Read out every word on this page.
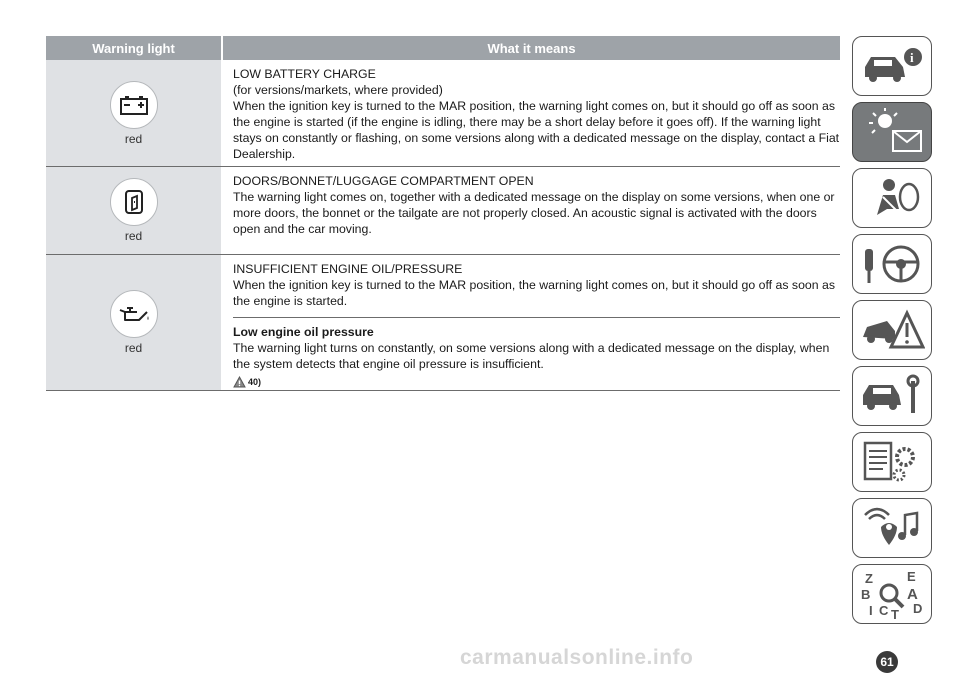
Warning light	What it means
red
LOW BATTERY CHARGE
(for versions/markets, where provided)
When the ignition key is turned to the MAR position, the warning light comes on, but it should go off as soon as the engine is started (if the engine is idling, there may be a short delay before it goes off). If the warning light stays on constantly or flashing, on some versions along with a dedicated message on the display, contact a Fiat Dealership.
red
DOORS/BONNET/LUGGAGE COMPARTMENT OPEN
The warning light comes on, together with a dedicated message on the display on some versions, when one or more doors, the bonnet or the tailgate are not properly closed. An acoustic signal is activated with the doors open and the car moving.
red
INSUFFICIENT ENGINE OIL/PRESSURE
When the ignition key is turned to the MAR position, the warning light comes on, but it should go off as soon as the engine is started.
Low engine oil pressure
The warning light turns on constantly, on some versions along with a dedicated message on the display, when the system detects that engine oil pressure is insufficient.
40)
i
Z	E
B A
I C T D
carmanualsonline.info	61
